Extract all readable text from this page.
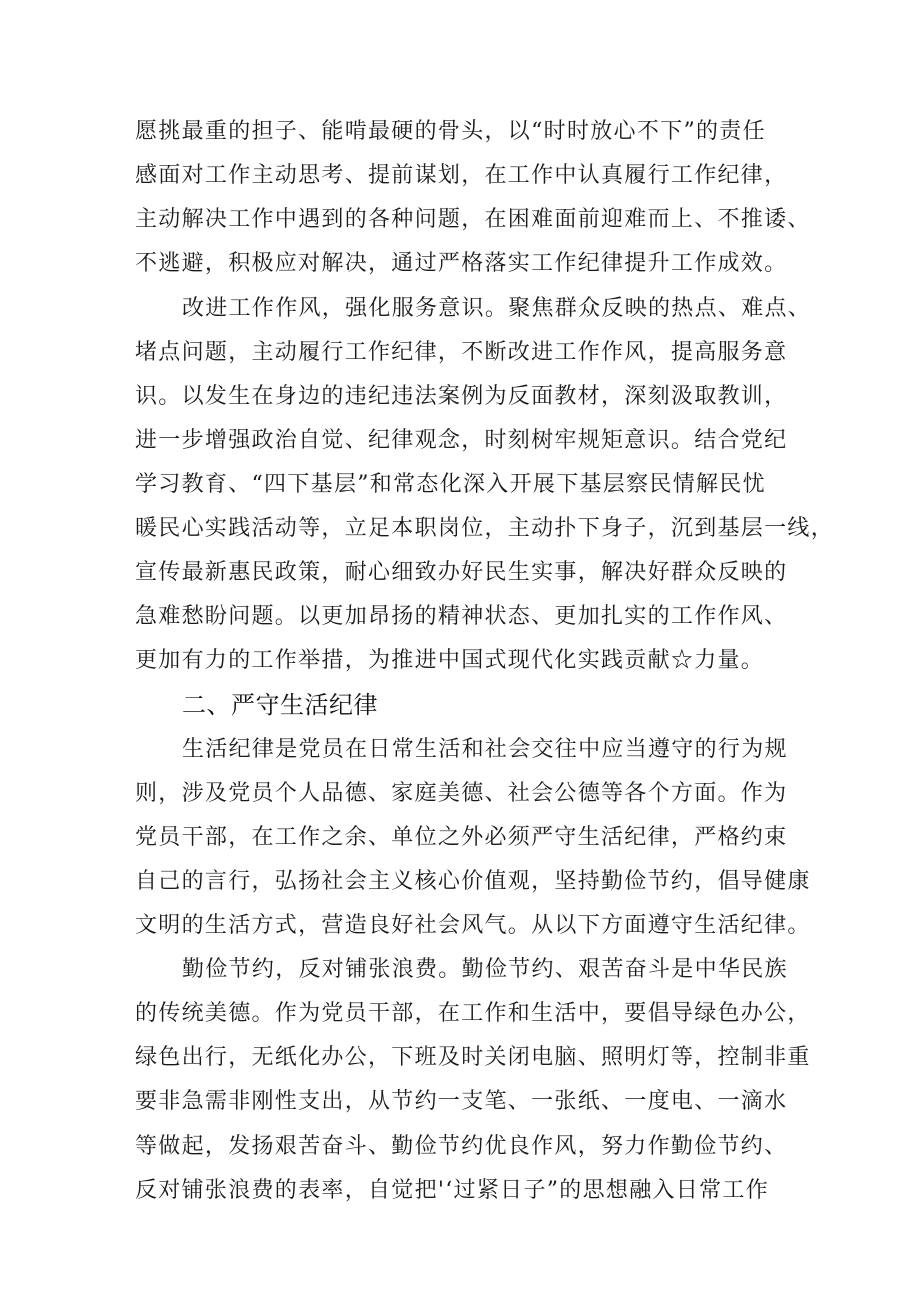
愿挑最重的担子、能啃最硬的骨头，以“时时放心不下”的责任
感面对工作主动思考、提前谋划，在工作中认真履行工作纪律，
主动解决工作中遇到的各种问题，在困难面前迎难而上、不推诿、
不逃避，积极应对解决，通过严格落实工作纪律提升工作成效。
改进工作作风，强化服务意识。聚焦群众反映的热点、难点、
堵点问题，主动履行工作纪律，不断改进工作作风，提高服务意
识。以发生在身边的违纪违法案例为反面教材，深刻汲取教训，
进一步增强政治自觉、纪律观念，时刻树牢规矩意识。结合党纪
学习教育、“四下基层”和常态化深入开展下基层察民情解民忧
暖民心实践活动等，立足本职岗位，主动扑下身子，沉到基层一线，
宣传最新惠民政策，耐心细致办好民生实事，解决好群众反映的
急难愁盼问题。以更加昂扬的精神状态、更加扎实的工作作风、
更加有力的工作举措，为推进中国式现代化实践贡献☆力量。
二、严守生活纪律
生活纪律是党员在日常生活和社会交往中应当遵守的行为规
则，涉及党员个人品德、家庭美德、社会公德等各个方面。作为
党员干部，在工作之余、单位之外必须严守生活纪律，严格约束
自己的言行，弘扬社会主义核心价值观，坚持勤俭节约，倡导健康
文明的生活方式，营造良好社会风气。从以下方面遵守生活纪律。
勤俭节约，反对铺张浪费。勤俭节约、艰苦奋斗是中华民族
的传统美德。作为党员干部，在工作和生活中，要倡导绿色办公，
绿色出行，无纸化办公，下班及时关闭电脑、照明灯等，控制非重
要非急需非刚性支出，从节约一支笔、一张纸、一度电、一滴水
等做起，发扬艰苦奋斗、勤俭节约优良作风，努力作勤俭节约、
反对铺张浪费的表率，自觉把'‘过紧日子”的思想融入日常工作
